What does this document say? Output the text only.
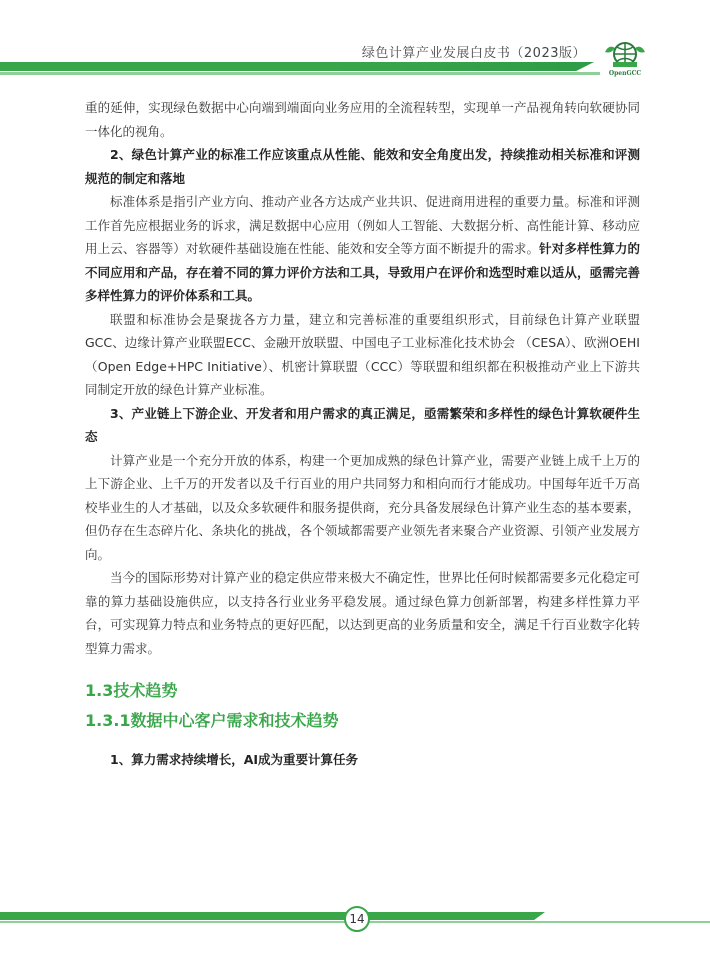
绿色计算产业发展白皮书（2023版）
OpenGCC

重的延伸，实现绿色数据中心向端到端面向业务应用的全流程转型，实现单一产品视角转向软硬协同一体化的视角。

2、绿色计算产业的标准工作应该重点从性能、能效和安全角度出发，持续推动相关标准和评测规范的制定和落地

标准体系是指引产业方向、推动产业各方达成产业共识、促进商用进程的重要力量。标准和评测工作首先应根据业务的诉求，满足数据中心应用（例如人工智能、大数据分析、高性能计算、移动应用上云、容器等）对软硬件基础设施在性能、能效和安全等方面不断提升的需求。针对多样性算力的不同应用和产品，存在着不同的算力评价方法和工具，导致用户在评价和选型时难以适从，亟需完善多样性算力的评价体系和工具。

联盟和标准协会是聚拢各方力量，建立和完善标准的重要组织形式，目前绿色计算产业联盟GCC、边缘计算产业联盟ECC、金融开放联盟、中国电子工业标准化技术协会 （CESA）、欧洲OEHI（Open Edge+HPC Initiative）、机密计算联盟（CCC）等联盟和组织都在积极推动产业上下游共同制定开放的绿色计算产业标准。

3、产业链上下游企业、开发者和用户需求的真正满足，亟需繁荣和多样性的绿色计算软硬件生态

计算产业是一个充分开放的体系，构建一个更加成熟的绿色计算产业，需要产业链上成千上万的上下游企业、上千万的开发者以及千行百业的用户共同努力和相向而行才能成功。中国每年近千万高校毕业生的人才基础，以及众多软硬件和服务提供商，充分具备发展绿色计算产业生态的基本要素，但仍存在生态碎片化、条块化的挑战，各个领域都需要产业领先者来聚合产业资源、引领产业发展方向。

当今的国际形势对计算产业的稳定供应带来极大不确定性，世界比任何时候都需要多元化稳定可靠的算力基础设施供应，以支持各行业业务平稳发展。通过绿色算力创新部署，构建多样性算力平台，可实现算力特点和业务特点的更好匹配，以达到更高的业务质量和安全，满足千行百业数字化转型算力需求。

1.3技术趋势
1.3.1数据中心客户需求和技术趋势
1、算力需求持续增长，AI成为重要计算任务
14
